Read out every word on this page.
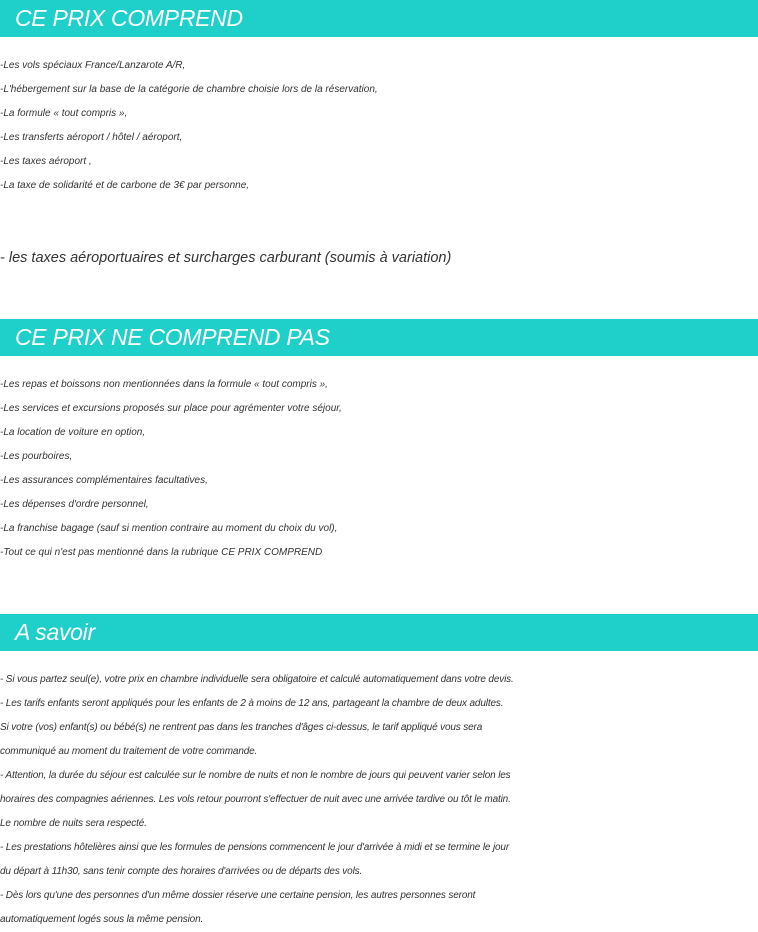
CE PRIX COMPREND
-Les vols spéciaux France/Lanzarote A/R,
-L'hébergement sur la base de la catégorie de chambre choisie lors de la réservation,
-La formule « tout compris »,
-Les transferts aéroport / hôtel / aéroport,
-Les taxes aéroport ,
-La taxe de solidarité et de carbone de 3€ par personne,
- les taxes aéroportuaires et surcharges carburant (soumis à variation)
CE PRIX NE COMPREND PAS
-Les repas et boissons non mentionnées dans la formule « tout compris »,
-Les services et excursions proposés sur place pour agrémenter votre séjour,
-La location de voiture en option,
-Les pourboires,
-Les assurances complémentaires facultatives,
-Les dépenses d'ordre personnel,
-La franchise bagage (sauf si mention contraire au moment du choix du vol),
-Tout ce qui n'est pas mentionné dans la rubrique CE PRIX COMPREND
A savoir
- Si vous partez seul(e), votre prix en chambre individuelle sera obligatoire et calculé automatiquement dans votre devis.
- Les tarifs enfants seront appliqués pour les enfants de 2 à moins de 12 ans, partageant la chambre de deux adultes.
Si votre (vos) enfant(s) ou bébé(s) ne rentrent pas dans les tranches d'âges ci-dessus, le tarif appliqué vous sera
communiqué au moment du traitement de votre commande.
- Attention, la durée du séjour est calculée sur le nombre de nuits et non le nombre de jours qui peuvent varier selon les
horaires des compagnies aériennes. Les vols retour pourront s'effectuer de nuit avec une arrivée tardive ou tôt le matin.
Le nombre de nuits sera respecté.
- Les prestations hôtelières ainsi que les formules de pensions commencent le jour d'arrivée à midi et se termine le jour
du départ à 11h30, sans tenir compte des horaires d'arrivées ou de départs des vols.
- Dès lors qu'une des personnes d'un même dossier réserve une certaine pension, les autres personnes seront
automatiquement logés sous la même pension.
